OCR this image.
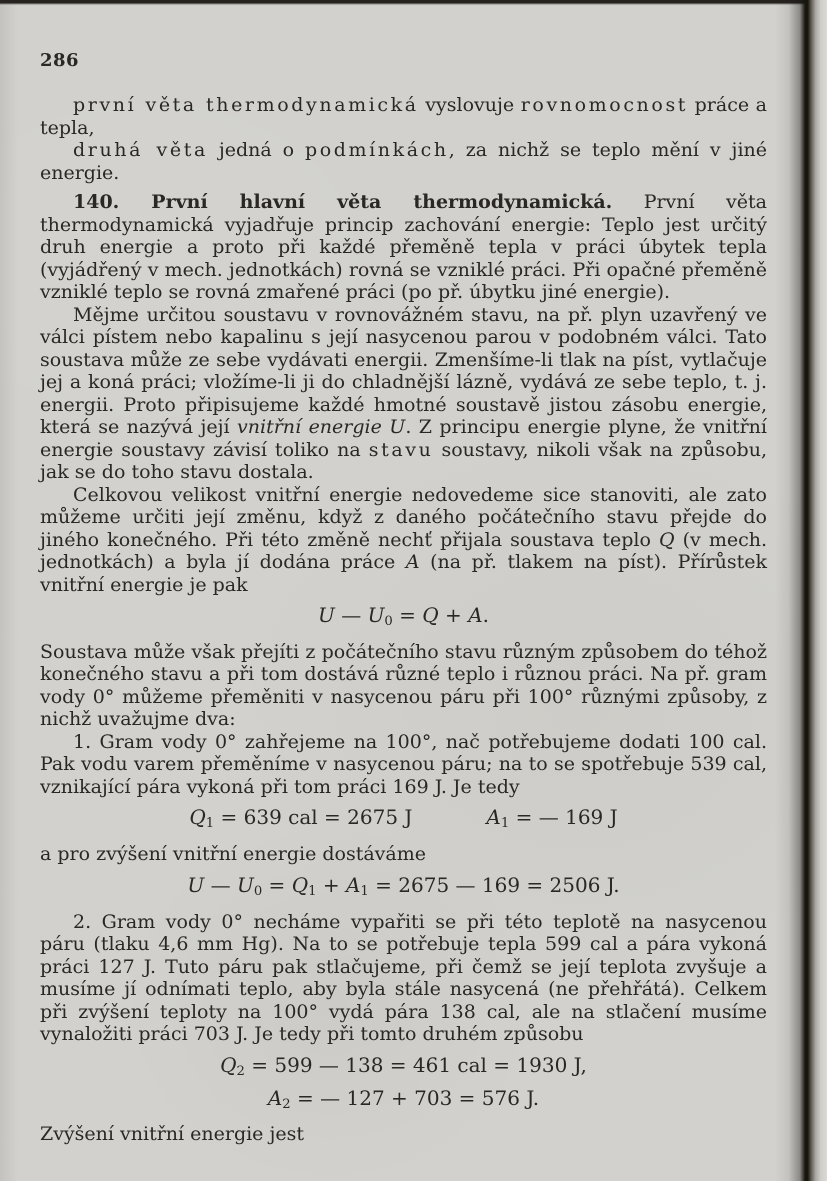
286
první věta thermodynamická vyslovuje rovnomocnost práce a tepla,
druhá věta jedná o podmínkách, za nichž se teplo mění v jiné energie.
140. První hlavní věta thermodynamická. První věta thermodynamická vyjadřuje princip zachování energie: Teplo jest určitý druh energie a proto při každé přeměně tepla v práci úbytek tepla (vyjádřený v mech. jednotkách) rovná se vzniklé práci. Při opačné přeměně vzniklé teplo se rovná zmařené práci (po př. úbytku jiné energie).
Mějme určitou soustavu v rovnovážném stavu, na př. plyn uzavřený ve válci pístem nebo kapalinu s její nasycenou parou v podobném válci. Tato soustava může ze sebe vydávati energii. Zmenšíme-li tlak na píst, vytlačuje jej a koná práci; vložíme-li ji do chladnější lázně, vydává ze sebe teplo, t. j. energii. Proto připisujeme každé hmotné soustavě jistou zásobu energie, která se nazývá její vnitřní energie U. Z principu energie plyne, že vnitřní energie soustavy závisí toliko na stavu soustavy, nikoli však na způsobu, jak se do toho stavu dostala.
Celkovou velikost vnitřní energie nedovedeme sice stanoviti, ale zato můžeme určiti její změnu, když z daného počátečního stavu přejde do jiného konečného. Při této změně nechť přijala soustava teplo Q (v mech. jednotkách) a byla jí dodána práce A (na př. tlakem na píst). Přírůstek vnitřní energie je pak
U — $U_0 = Q + A$.
Soustava může však přejíti z počátečního stavu různým způsobem do téhož konečného stavu a při tom dostává různé teplo i různou práci. Na př. gram vody 0° můžeme přeměniti v nasycenou páru při 100° různými způsoby, z nichž uvažujme dva:
1. Gram vody 0° zahřejeme na 100°, nač potřebujeme dodati 100 cal. Pak vodu varem přeměníme v nasycenou páru; na to se spotřebuje 539 cal, vznikající pára vykoná při tom práci 169 J. Je tedy
$Q_1 = 639$ cal = 2675 J	$A_1$ = — 169 J
a pro zvýšení vnitřní energie dostáváme
U — $U_0 = Q_1 + A_1 = 2675$ — 169 = 2506 J.
2. Gram vody 0° necháme vypařiti se při této teplotě na nasycenou páru (tlaku 4,6 mm Hg). Na to se potřebuje tepla 599 cal a pára vykoná práci 127 J. Tuto páru pak stlačujeme, při čemž se její teplota zvyšuje a musíme jí odnímati teplo, aby byla stále nasycená (ne přehřátá). Celkem při zvýšení teploty na 100° vydá pára 138 cal, ale na stlačení musíme vynaložiti práci 703 J. Je tedy při tomto druhém způsobu
$Q_2 = 599$ — 138 = 461 cal = 1930 J,
$A_2$ = — 127 + 703 = 576 J.
Zvýšení vnitřní energie jest
